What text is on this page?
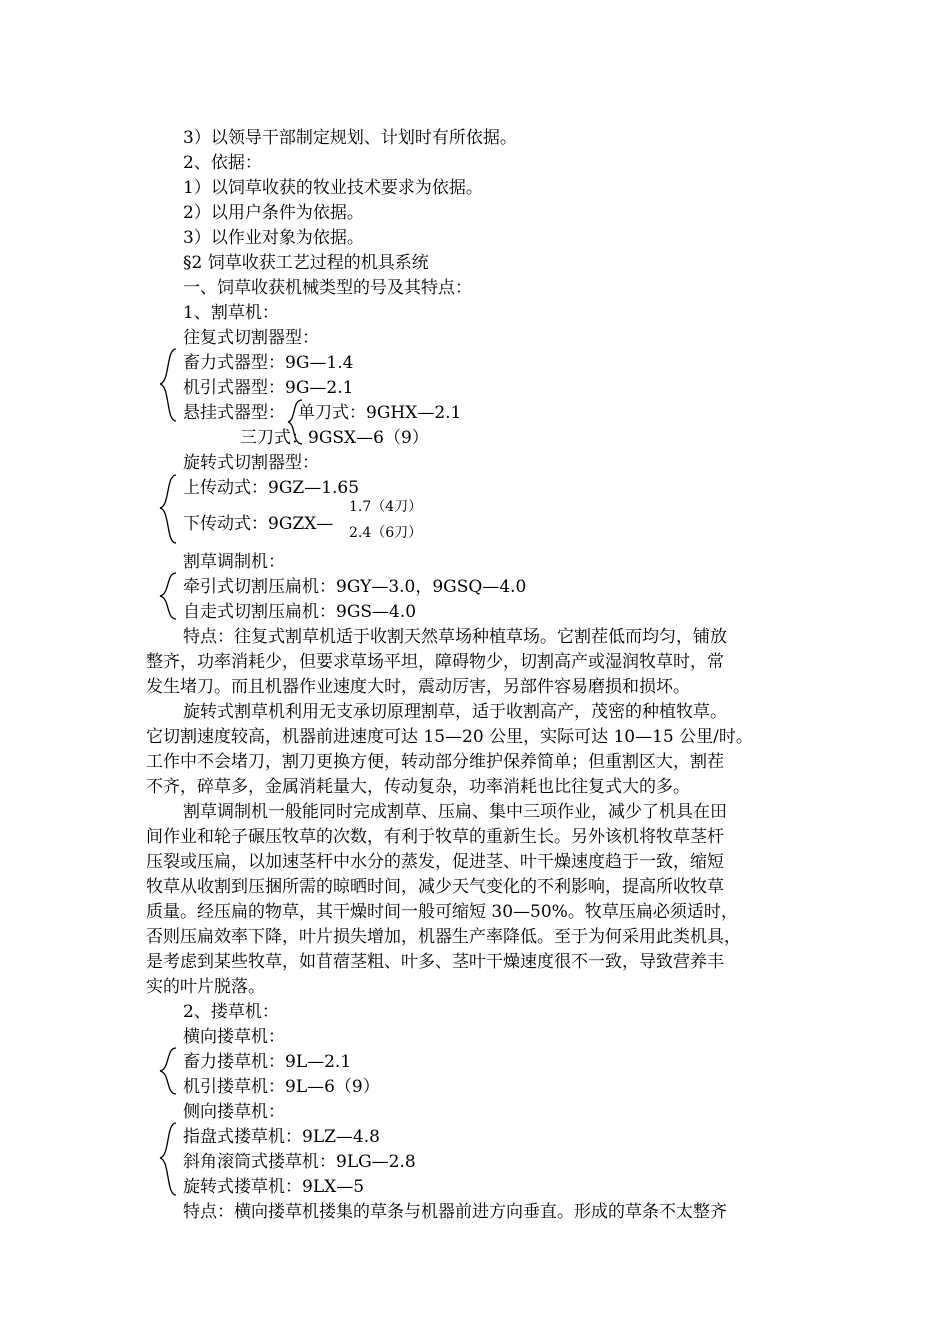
3）以领导干部制定规划、计划时有所依据。
2、依据：
1）以饲草收获的牧业技术要求为依据。
2）以用户条件为依据。
3）以作业对象为依据。
§2 饲草收获工艺过程的机具系统
一、饲草收获机械类型的号及其特点：
1、割草机：
往复式切割器型：
畜力式器型：9G—1.4
机引式器型：9G—2.1
悬挂式器型： 单刀式：9GHX—2.1
三刀式：9GSX—6（9）
旋转式切割器型：
上传动式：9GZ—1.65
下传动式：9GZX—
1.7（4刀）
2.4（6刀）
割草调制机：
牵引式切割压扁机：9GY—3.0，9GSQ—4.0
自走式切割压扁机：9GS—4.0
特点：往复式割草机适于收割天然草场种植草场。它割茬低而均匀，铺放
整齐，功率消耗少，但要求草场平坦，障碍物少，切割高产或湿润牧草时，常
发生堵刀。而且机器作业速度大时，震动厉害，另部件容易磨损和损坏。
旋转式割草机利用无支承切原理割草，适于收割高产，茂密的种植牧草。
它切割速度较高，机器前进速度可达 15—20 公里，实际可达 10—15 公里/时。
工作中不会堵刀，割刀更换方便，转动部分维护保养简单；但重割区大，割茬
不齐，碎草多，金属消耗量大，传动复杂，功率消耗也比往复式大的多。
割草调制机一般能同时完成割草、压扁、集中三项作业，减少了机具在田
间作业和轮子碾压牧草的次数，有利于牧草的重新生长。另外该机将牧草茎杆
压裂或压扁，以加速茎杆中水分的蒸发，促进茎、叶干燥速度趋于一致，缩短
牧草从收割到压捆所需的晾晒时间，减少天气变化的不利影响，提高所收牧草
质量。经压扁的物草，其干燥时间一般可缩短 30—50%。牧草压扁必须适时，
否则压扁效率下降，叶片损失增加，机器生产率降低。至于为何采用此类机具，
是考虑到某些牧草，如苜蓿茎粗、叶多、茎叶干燥速度很不一致，导致营养丰
实的叶片脱落。
2、搂草机：
横向搂草机：
畜力搂草机：9L—2.1
机引搂草机：9L—6（9）
侧向搂草机：
指盘式搂草机：9LZ—4.8
斜角滚筒式搂草机：9LG—2.8
旋转式搂草机：9LX—5
特点：横向搂草机搂集的草条与机器前进方向垂直。形成的草条不太整齐
